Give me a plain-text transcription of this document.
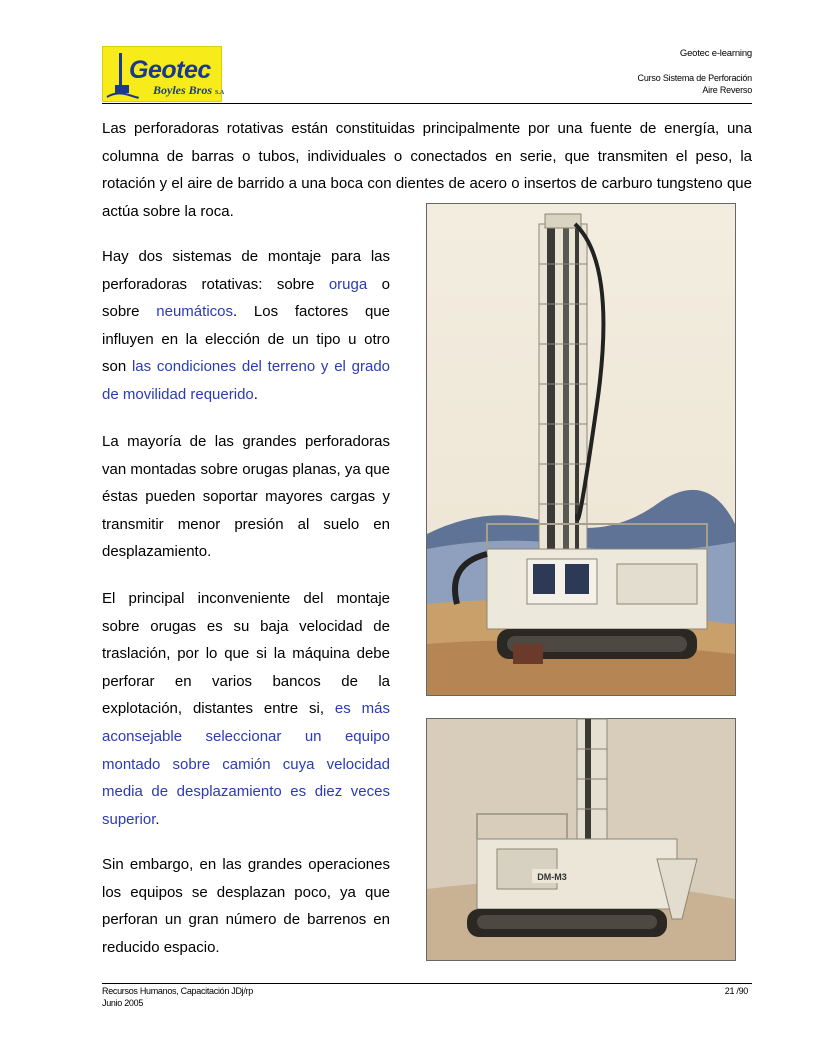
Geotec
Boyles Bros S.A
Geotec e-learning
Curso Sistema de Perforación
Aire Reverso
Las perforadoras rotativas están constituidas principalmente por una fuente de energía, una columna de barras o tubos, individuales o conectados en serie, que transmiten el peso, la rotación y el aire de barrido a una boca con dientes de acero o insertos de carburo tungsteno que actúa sobre la roca.
Hay dos sistemas de montaje para las perforadoras rotativas: sobre oruga o sobre neumáticos. Los factores que influyen en la elección de un tipo u otro son las condiciones del terreno y el grado de movilidad requerido.
La mayoría de las grandes perforadoras van montadas sobre orugas planas, ya que éstas pueden soportar mayores cargas y transmitir menor presión al suelo en desplazamiento.
El principal inconveniente del montaje sobre orugas es su baja velocidad de traslación, por lo que si la máquina debe perforar en varios bancos de la explotación, distantes entre si, es más aconsejable seleccionar un equipo montado sobre camión cuya velocidad media de desplazamiento es diez veces superior.
Sin embargo, en las grandes operaciones los equipos se desplazan poco, ya que perforan un gran número de barrenos en reducido espacio.
DM-M3
Recursos Humanos, Capacitación JDj/rp
Junio 2005
21 /90
